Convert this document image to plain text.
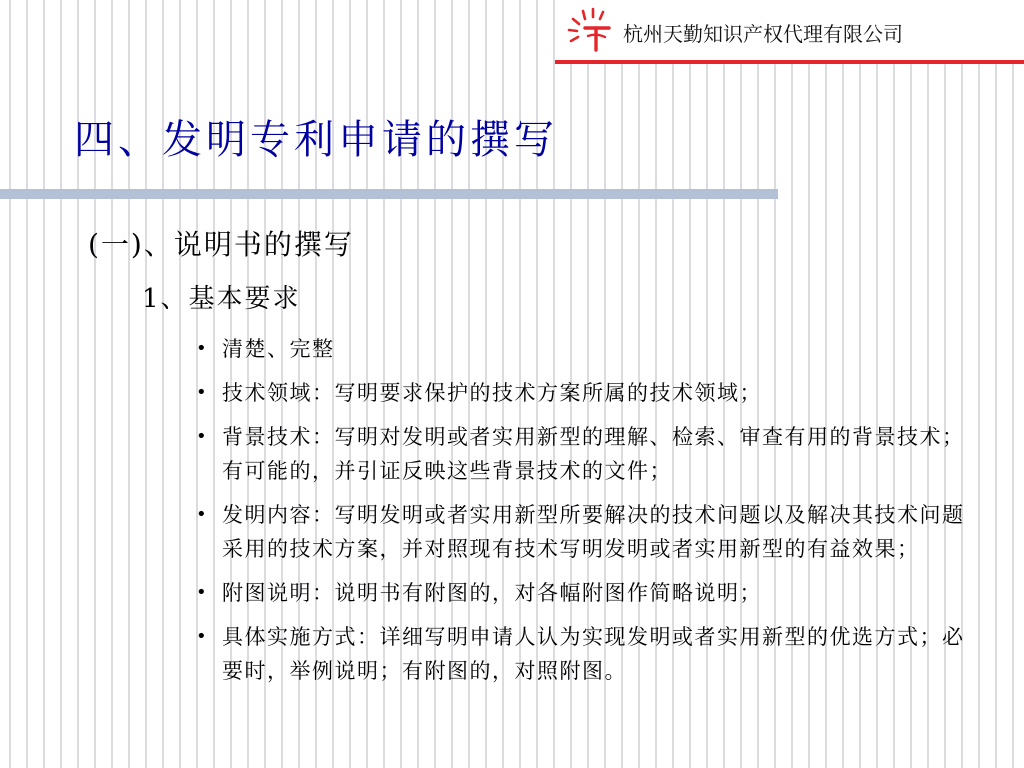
杭州天勤知识产权代理有限公司
四、发明专利申请的撰写
(一)、说明书的撰写
1、基本要求
• 清楚、完整
• 技术领域：写明要求保护的技术方案所属的技术领域；
• 背景技术：写明对发明或者实用新型的理解、检索、审查有用的背景技术；有可能的，并引证反映这些背景技术的文件；
• 发明内容：写明发明或者实用新型所要解决的技术问题以及解决其技术问题采用的技术方案，并对照现有技术写明发明或者实用新型的有益效果；
• 附图说明：说明书有附图的，对各幅附图作简略说明；
• 具体实施方式：详细写明申请人认为实现发明或者实用新型的优选方式；必要时，举例说明；有附图的，对照附图。
